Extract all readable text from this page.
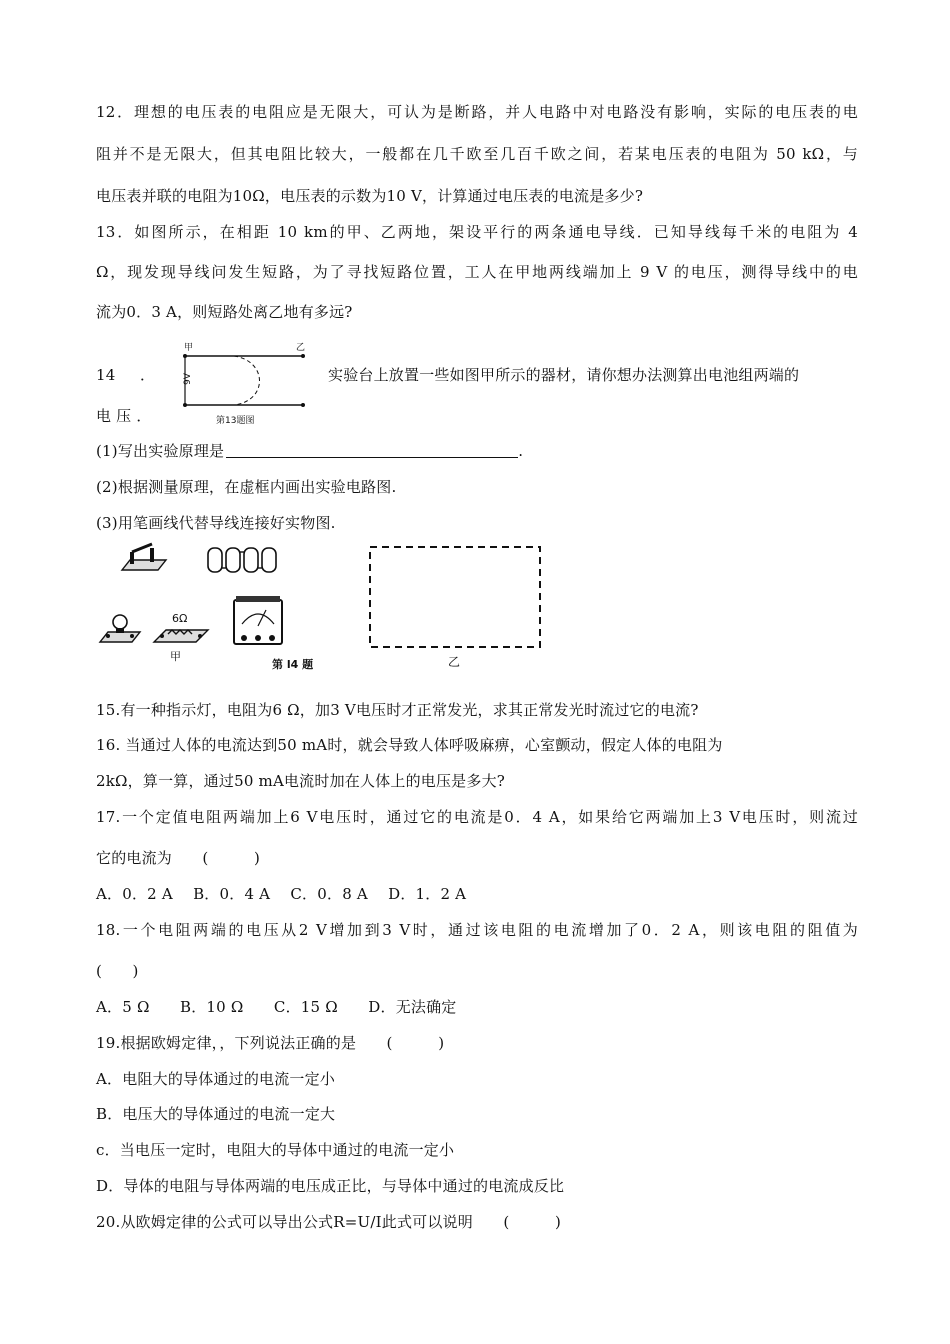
12．理想的电压表的电阻应是无限大，可认为是断路，并人电路中对电路没有影响，实际的电压表的电
阻并不是无限大，但其电阻比较大，一般都在几千欧至几百千欧之间，若某电压表的电阻为 50 kΩ，与
电压表并联的电阻为10Ω，电压表的示数为10 V，计算通过电压表的电流是多少?
13．如图所示，在相距 10 km的甲、乙两地，架设平行的两条通电导线．已知导线每千米的电阻为 4
Ω，现发现导线问发生短路，为了寻找短路位置，工人在甲地两线端加上 9 V 的电压，测得导线中的电
流为0．3 A，则短路处离乙地有多远?
甲	乙
9V
第13题图
14 ．	实验台上放置一些如图甲所示的器材，请你想办法测算出电池组两端的
电 压 ．
(1)写出实验原理是	.
(2)根据测量原理，在虚框内画出实验电路图.
(3)用笔画线代替导线连接好实物图.
6Ω
甲
第 l4 题	乙
15.有一种指示灯，电阻为6 Ω，加3 V电压时才正常发光，求其正常发光时流过它的电流?
16. 当通过人体的电流达到50 mA时，就会导致人体呼吸麻痹，心室颤动，假定人体的电阻为
2kΩ，算一算，通过50 mA电流时加在人体上的电压是多大?
17.一个定值电阻两端加上6 V电压时，通过它的电流是0．4 A，如果给它两端加上3 V电压时，则流过
它的电流为　　(　　　)
A．0．2 A　 B．0．4 A　 C．0．8 A　 D．1．2 A
18.一个电阻两端的电压从2 V增加到3 V时，通过该电阻的电流增加了0．2 A，则该电阻的阻值为
(　　)
A．5 Ω　　B．10 Ω　　C．15 Ω　　D．无法确定
19.根据欧姆定律，，下列说法正确的是　　(　　　)
A．电阻大的导体通过的电流一定小
B．电压大的导体通过的电流一定大
c．当电压一定时，电阻大的导体中通过的电流一定小
D．导体的电阻与导体两端的电压成正比，与导体中通过的电流成反比
20.从欧姆定律的公式可以导出公式R=U/I此式可以说明　　(　　　)
